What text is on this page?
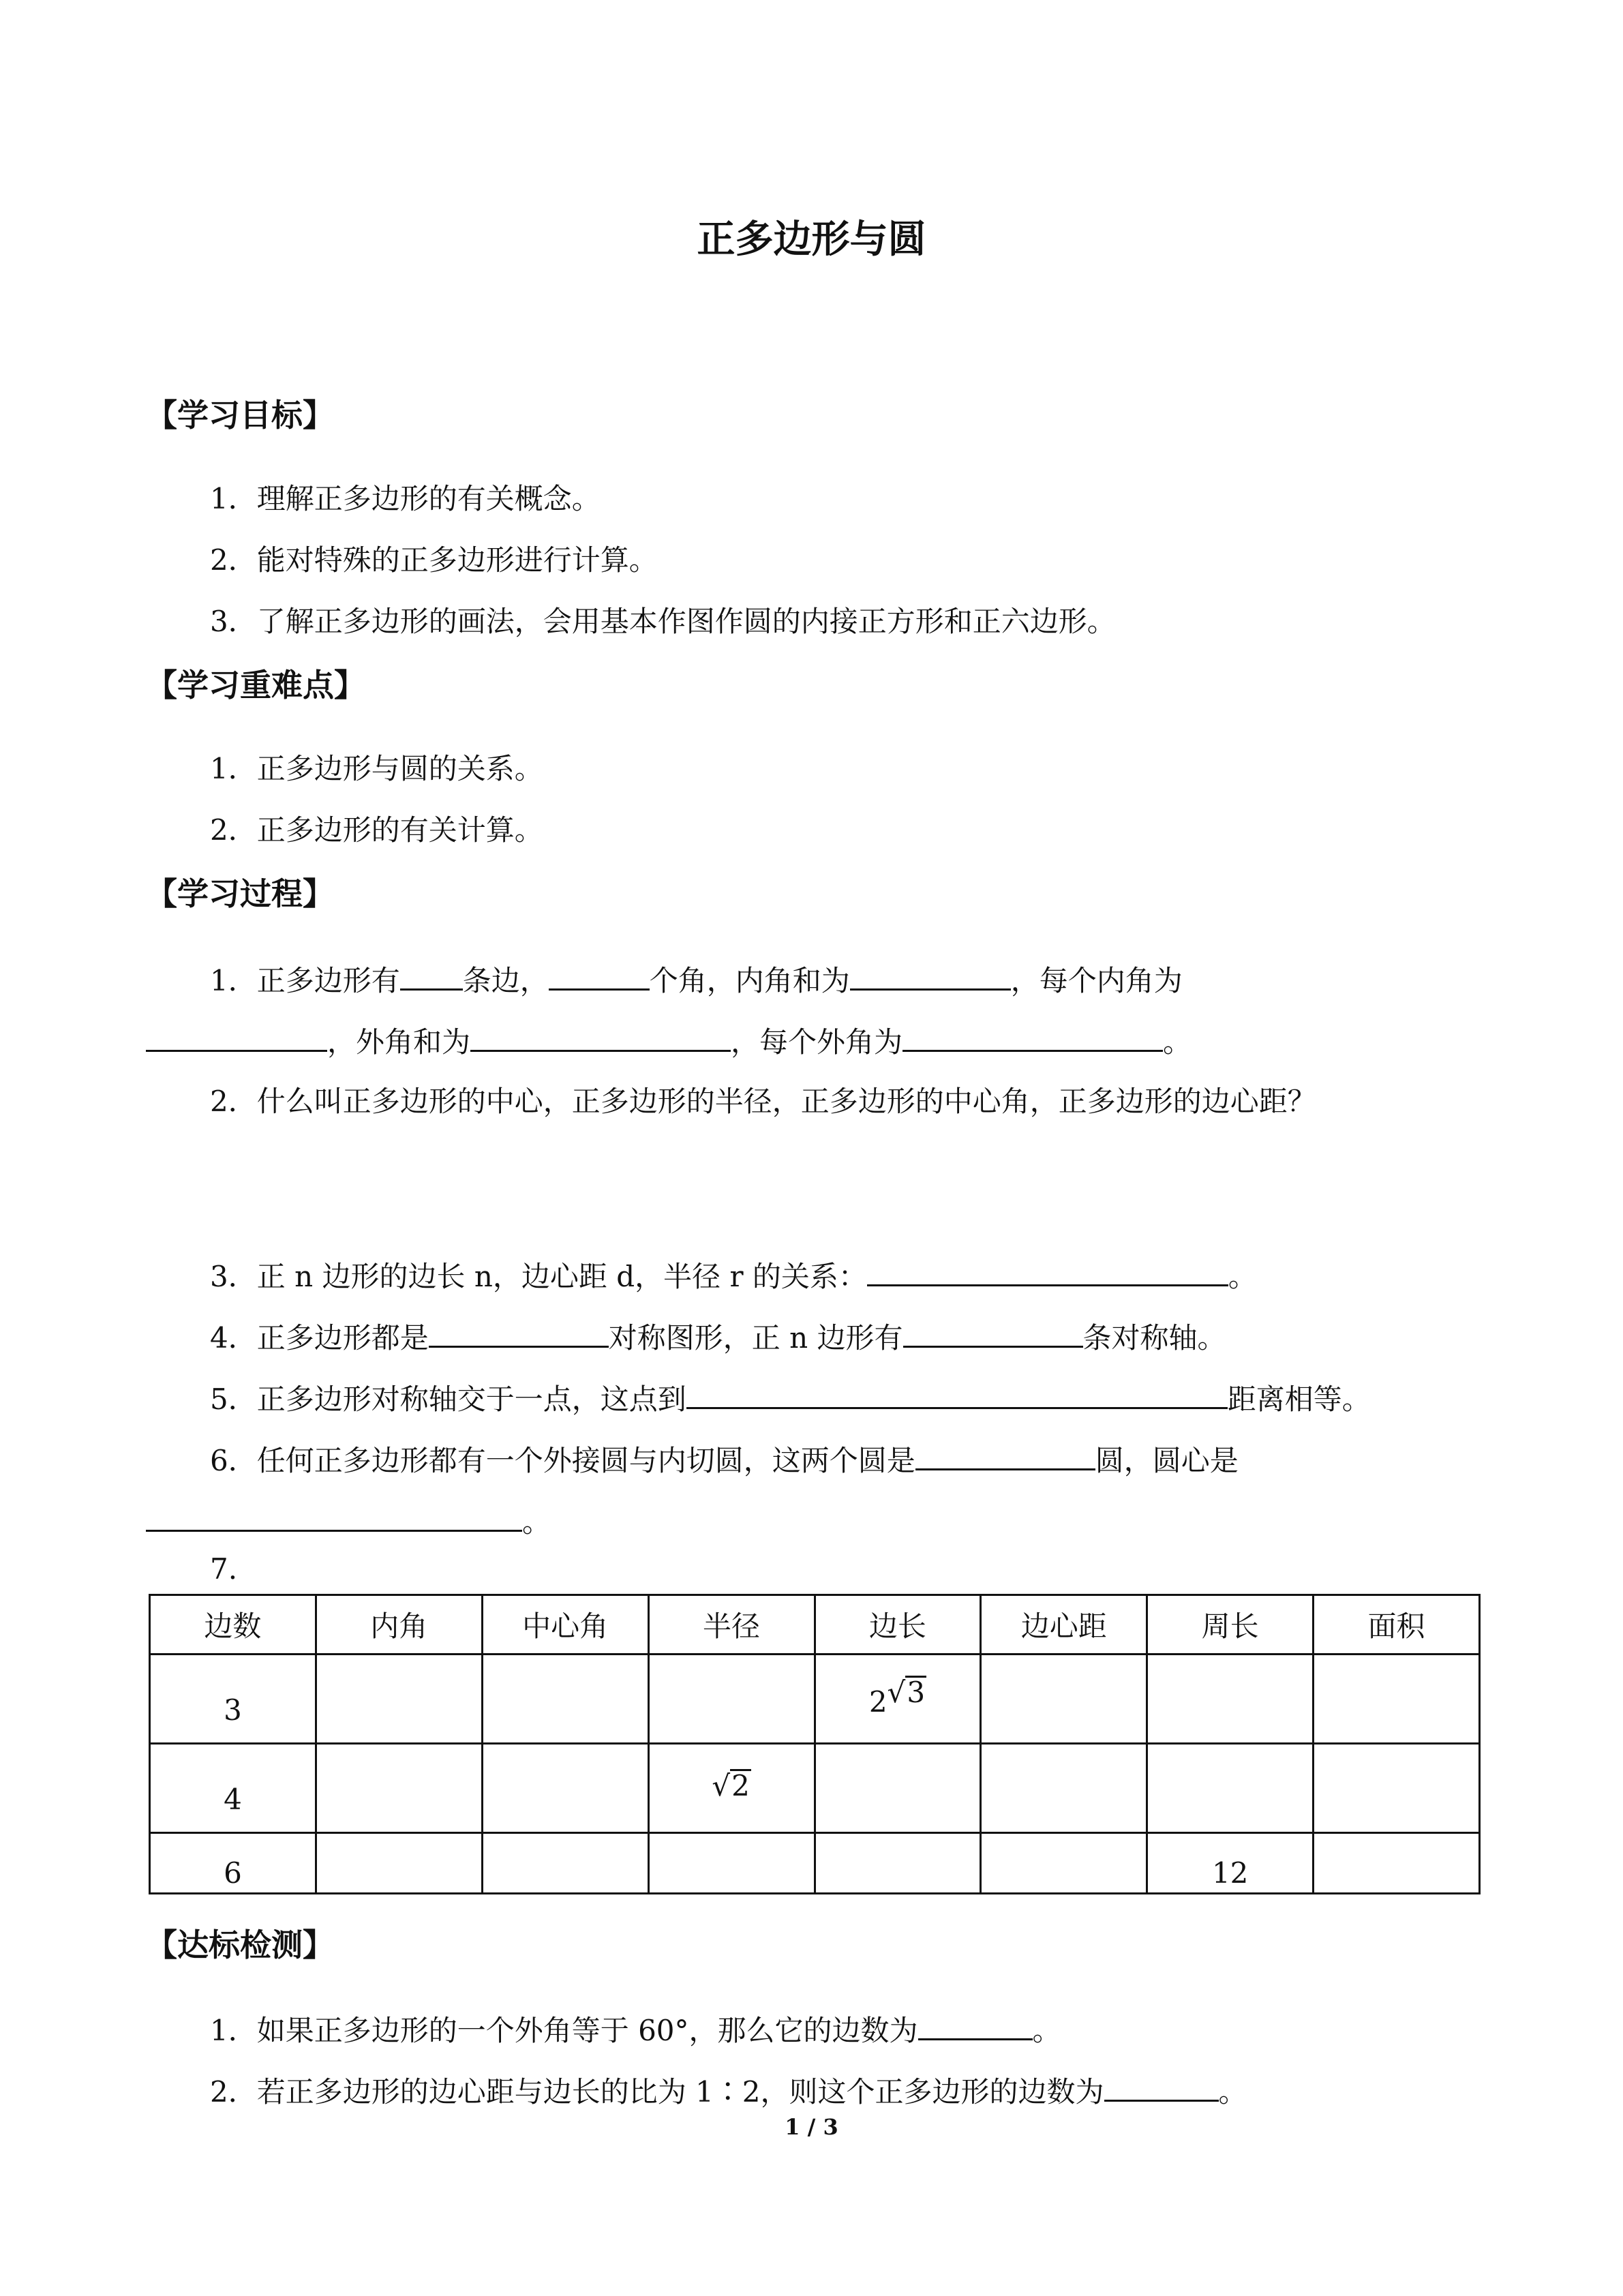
正多边形与圆
【学习目标】
1．理解正多边形的有关概念。
2．能对特殊的正多边形进行计算。
3．了解正多边形的画法，会用基本作图作圆的内接正方形和正六边形。
【学习重难点】
1．正多边形与圆的关系。
2．正多边形的有关计算。
【学习过程】
1．正多边形有 条边，	个角，内角和为	，每个内角为
，外角和为	，每个外角为	。
2．什么叫正多边形的中心，正多边形的半径，正多边形的中心角，正多边形的边心距？
3．正 n 边形的边长 n，边心距 d，半径 r 的关系：	。
4．正多边形都是	对称图形，正 n 边形有	条对称轴。
5．正多边形对称轴交于一点，这点到	距离相等。
6．任何正多边形都有一个外接圆与内切圆，这两个圆是	圆，圆心是
。
7.
边数	内角	中心角	半径	边长	边心距	周长	面积
3				2√3			
4			√2				
6						12	
【达标检测】
1．如果正多边形的一个外角等于 60°，那么它的边数为	。
2．若正多边形的边心距与边长的比为 1∶2，则这个正多边形的边数为	。
1 / 3
